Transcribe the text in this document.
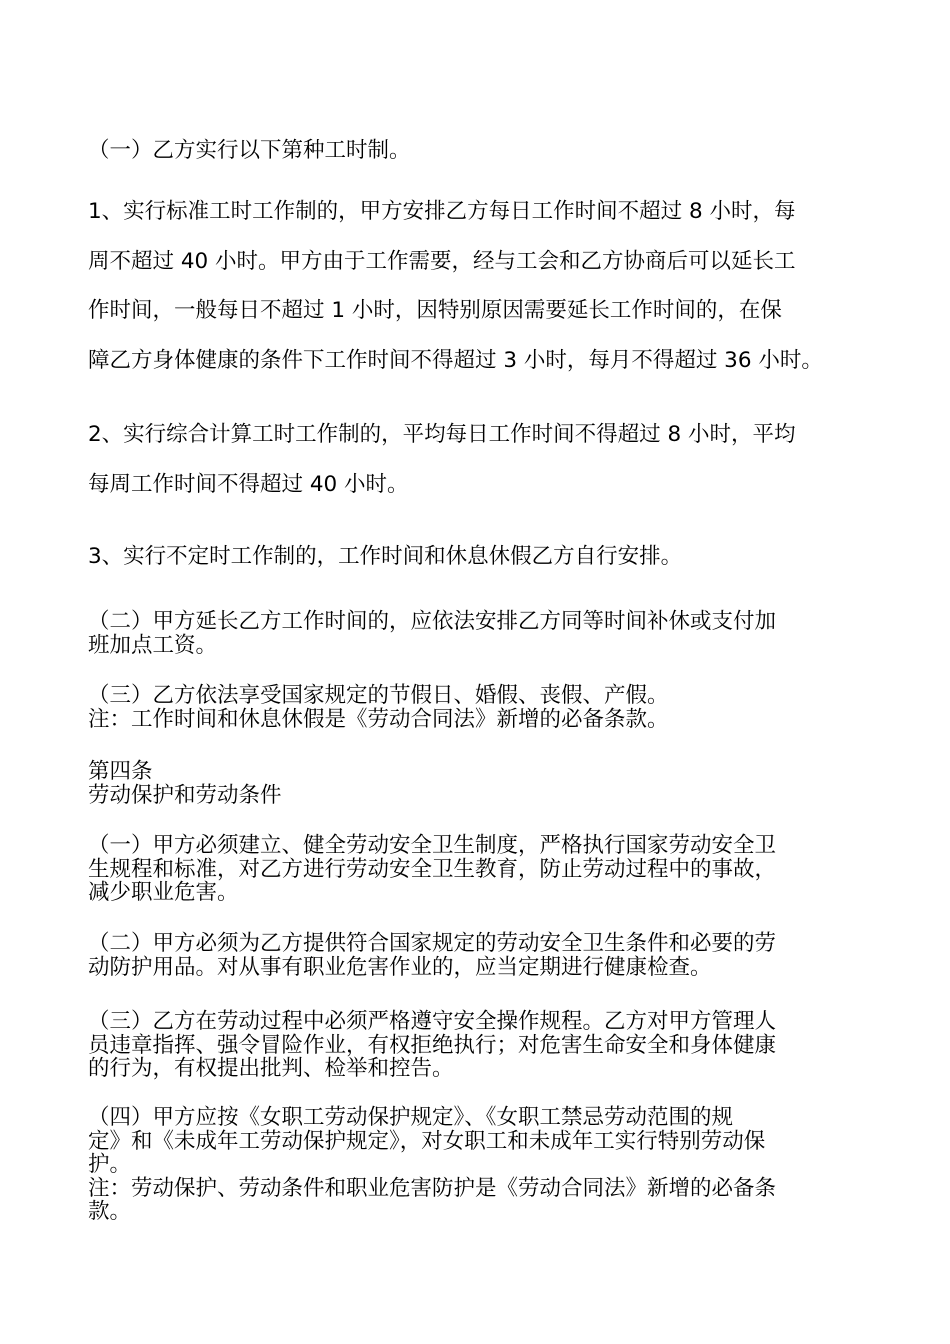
（一）乙方实行以下第种工时制。
1、实行标准工时工作制的，甲方安排乙方每日工作时间不超过 8 小时，每
周不超过 40 小时。甲方由于工作需要，经与工会和乙方协商后可以延长工
作时间，一般每日不超过 1 小时，因特别原因需要延长工作时间的，在保
障乙方身体健康的条件下工作时间不得超过 3 小时，每月不得超过 36 小时。
2、实行综合计算工时工作制的，平均每日工作时间不得超过 8 小时，平均
每周工作时间不得超过 40 小时。
3、实行不定时工作制的，工作时间和休息休假乙方自行安排。
（二）甲方延长乙方工作时间的，应依法安排乙方同等时间补休或支付加
班加点工资。
（三）乙方依法享受国家规定的节假日、婚假、丧假、产假。
注：工作时间和休息休假是《劳动合同法》新增的必备条款。
第四条
劳动保护和劳动条件
（一）甲方必须建立、健全劳动安全卫生制度，严格执行国家劳动安全卫
生规程和标准，对乙方进行劳动安全卫生教育，防止劳动过程中的事故，
减少职业危害。
（二）甲方必须为乙方提供符合国家规定的劳动安全卫生条件和必要的劳
动防护用品。对从事有职业危害作业的，应当定期进行健康检查。
（三）乙方在劳动过程中必须严格遵守安全操作规程。乙方对甲方管理人
员违章指挥、强令冒险作业，有权拒绝执行；对危害生命安全和身体健康
的行为，有权提出批判、检举和控告。
（四）甲方应按《女职工劳动保护规定》、《女职工禁忌劳动范围的规
定》和《未成年工劳动保护规定》，对女职工和未成年工实行特别劳动保
护。
注：劳动保护、劳动条件和职业危害防护是《劳动合同法》新增的必备条
款。
